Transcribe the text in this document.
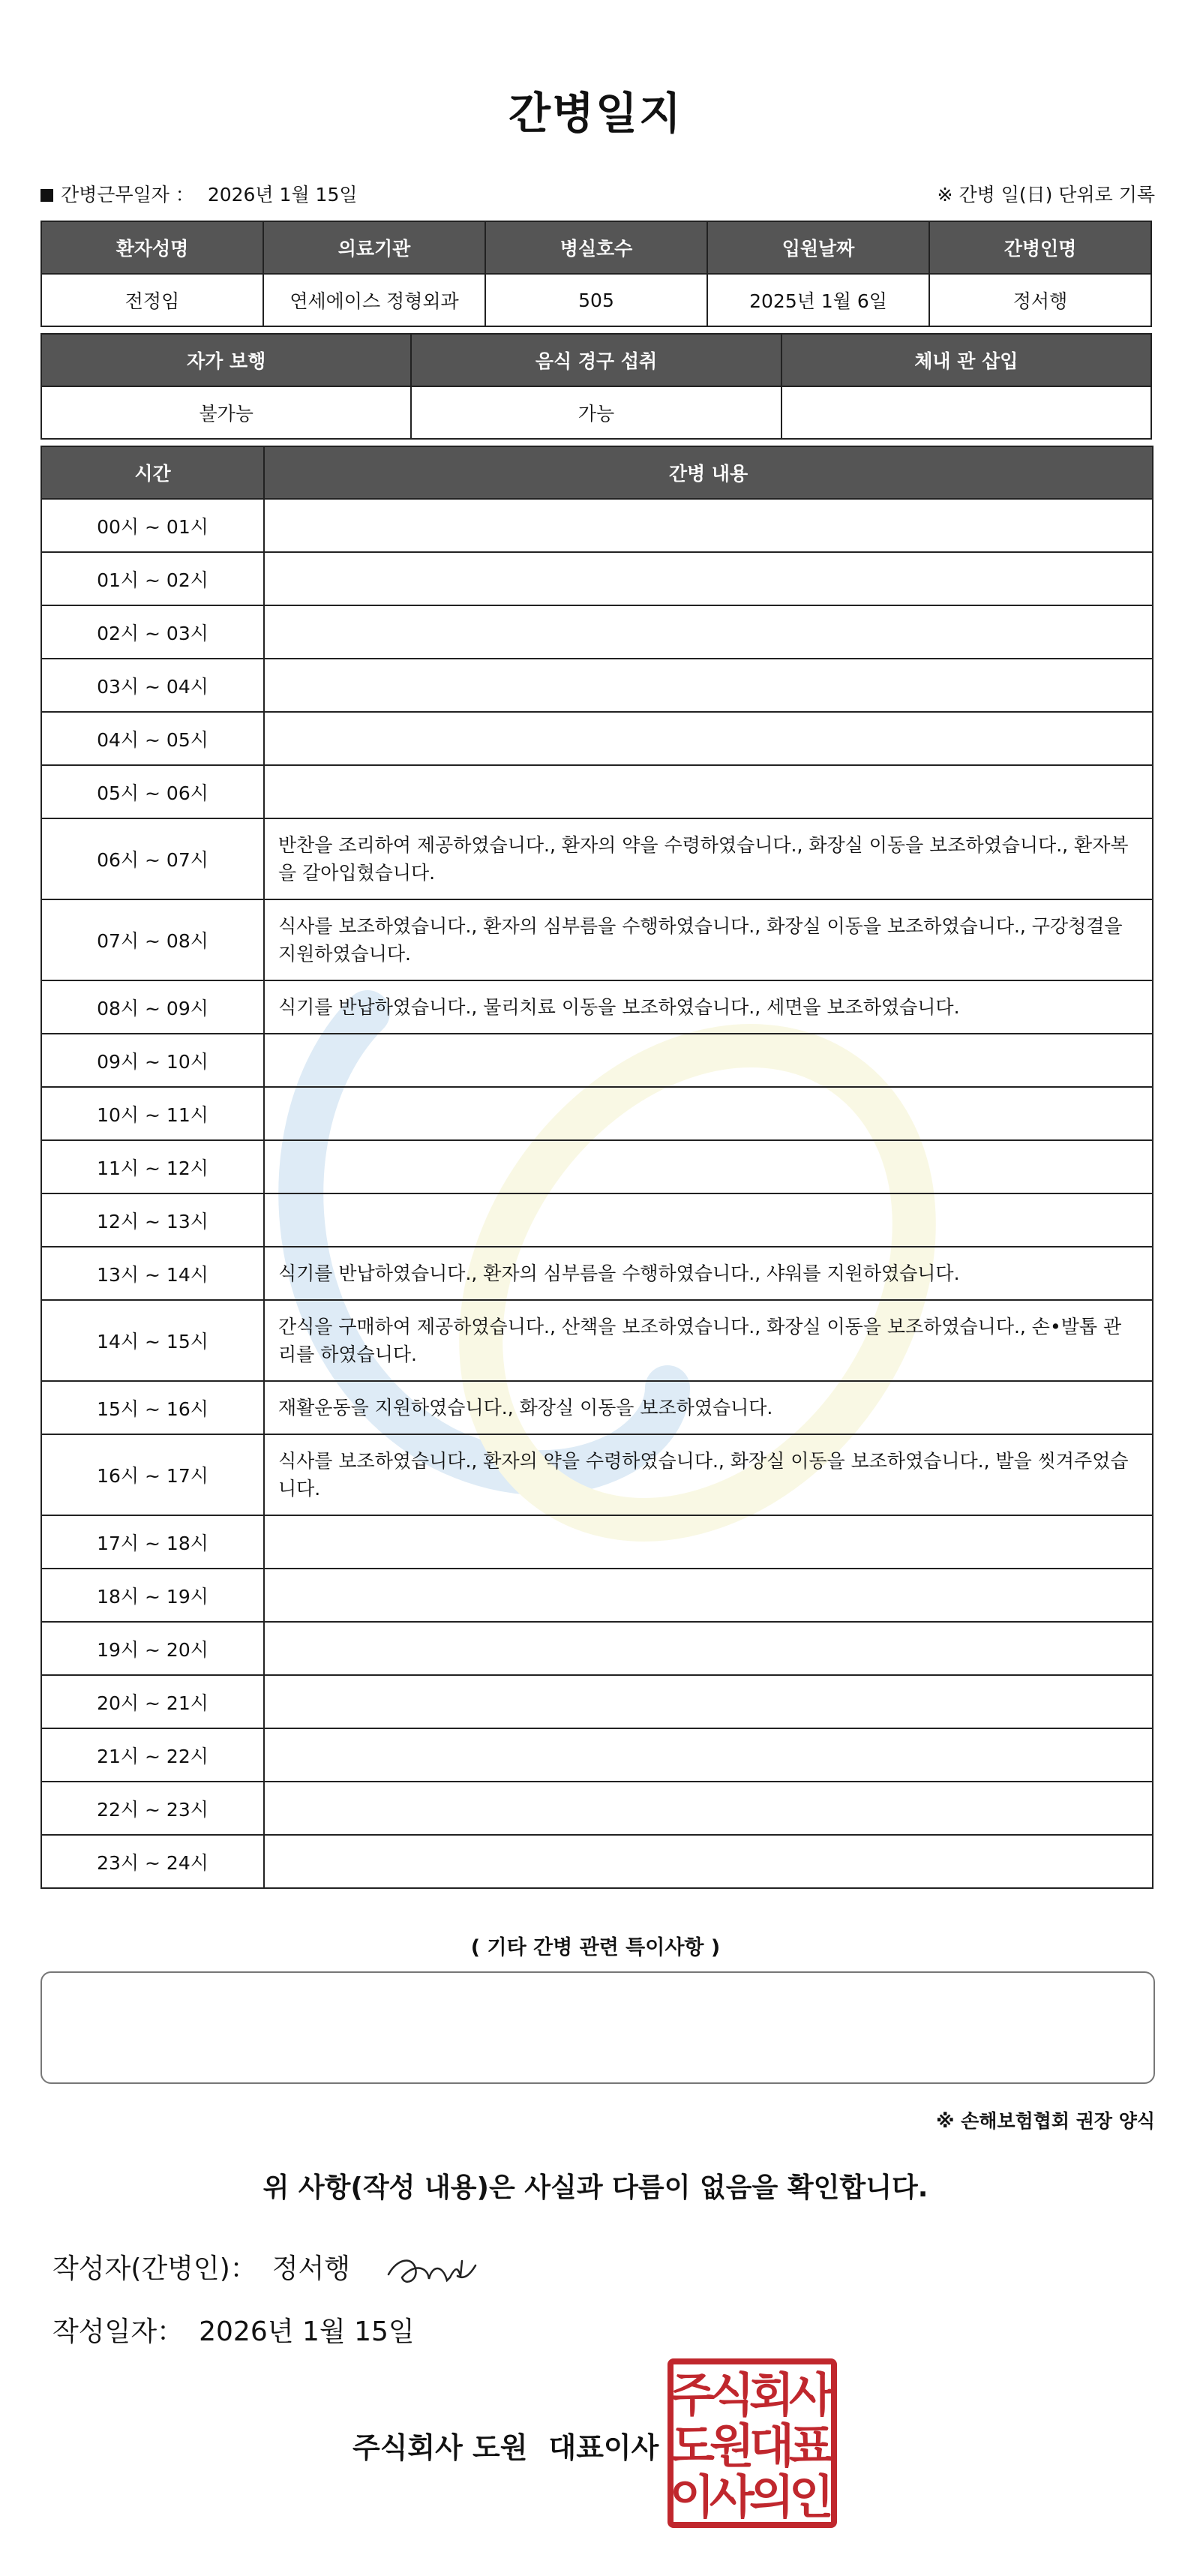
간병일지
간병근무일자 ： 2026년 1월 15일	※ 간병 일(日) 단위로 기록
환자성명	의료기관	병실호수	입원날짜	간병인명
전정임	연세에이스 정형외과	505	2025년 1월 6일	정서행
자가 보행	음식 경구 섭취	체내 관 삽입
불가능	가능	
시간	간병 내용
00시 ~ 01시	
01시 ~ 02시	
02시 ~ 03시	
03시 ~ 04시	
04시 ~ 05시	
05시 ~ 06시	
06시 ~ 07시	반찬을 조리하여 제공하였습니다., 환자의 약을 수령하였습니다., 화장실 이동을 보조하였습니다., 환자복을 갈아입혔습니다.
07시 ~ 08시	식사를 보조하였습니다., 환자의 심부름을 수행하였습니다., 화장실 이동을 보조하였습니다., 구강청결을 지원하였습니다.
08시 ~ 09시	식기를 반납하였습니다., 물리치료 이동을 보조하였습니다., 세면을 보조하였습니다.
09시 ~ 10시	
10시 ~ 11시	
11시 ~ 12시	
12시 ~ 13시	
13시 ~ 14시	식기를 반납하였습니다., 환자의 심부름을 수행하였습니다., 샤워를 지원하였습니다.
14시 ~ 15시	간식을 구매하여 제공하였습니다., 산책을 보조하였습니다., 화장실 이동을 보조하였습니다., 손•발톱 관리를 하였습니다.
15시 ~ 16시	재활운동을 지원하였습니다., 화장실 이동을 보조하였습니다.
16시 ~ 17시	식사를 보조하였습니다., 환자의 약을 수령하였습니다., 화장실 이동을 보조하였습니다., 발을 씻겨주었습니다.
17시 ~ 18시	
18시 ~ 19시	
19시 ~ 20시	
20시 ~ 21시	
21시 ~ 22시	
22시 ~ 23시	
23시 ~ 24시	
( 기타 간병 관련 특이사항 )
※ 손해보험협회 권장 양식
위 사항(작성 내용)은 사실과 다름이 없음을 확인합니다.
작성자(간병인)： 정서행
작성일자： 2026년 1월 15일
주식회사 도원 대표이사
주
식
회
사
도
원
대
표
이
사
의
인
